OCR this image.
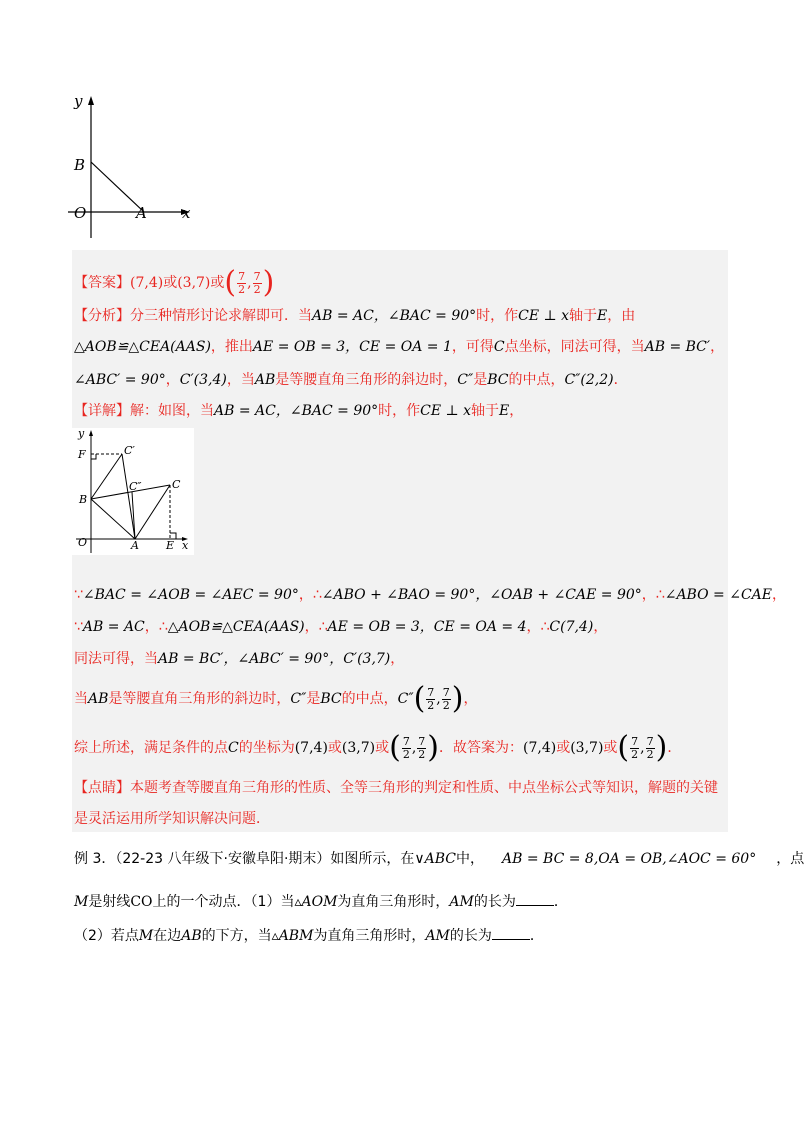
y
B
O	A x
【答案】(7,4)或(3,7)或( $\frac{7}{2}$ , $\frac{7}{2}$ )
【分析】分三种情形讨论求解即可．当AB = AC，∠BAC = 90°时，作CE ⊥ x轴于E，由
△AOB≌△CEA(AAS)，推出AE = OB = 3，CE = OA = 1，可得C点坐标，同法可得，当AB = BC′，
∠ABC′ = 90°，C′(3,4)，当AB是等腰直角三角形的斜边时，C″是BC的中点，C″(2,2)．
【详解】解：如图，当AB = AC，∠BAC = 90°时，作CE ⊥ x轴于E，
y
F	C′
C″	C
B
O	A E x
∵∠BAC = ∠AOB = ∠AEC = 90°，∴∠ABO + ∠BAO = 90°，∠OAB + ∠CAE = 90°，∴∠ABO = ∠CAE，
∵AB = AC，∴△AOB≌△CEA(AAS)，∴AE = OB = 3，CE = OA = 4，∴C(7,4)，
同法可得，当AB = BC′，∠ABC′ = 90°，C′(3,7)，
当AB是等腰直角三角形的斜边时，C″是BC的中点，$C''( \frac{7}{2}$ , $\frac{7}{2}$ )，
综上所述，满足条件的点C的坐标为(7,4)或(3,7)或( $\frac{7}{2}$ , $\frac{7}{2}$ )．故答案为：(7,4)或(3,7)或( $\frac{7}{2}$ , $\frac{7}{2}$ )．
【点睛】本题考查等腰直角三角形的性质、全等三角形的判定和性质、中点坐标公式等知识，解题的关键
是灵活运用所学知识解决问题．
例 3．（22-23 八年级下·安徽阜阳·期末）如图所示，在∨ABC中， AB = BC = 8,OA = OB,∠AOC = 60° ，点
M是射线CO上的一个动点．（1）当▵AOM为直角三角形时，AM的长为	．
（2）若点M在边AB的下方，当▵ABM为直角三角形时，AM的长为	．
